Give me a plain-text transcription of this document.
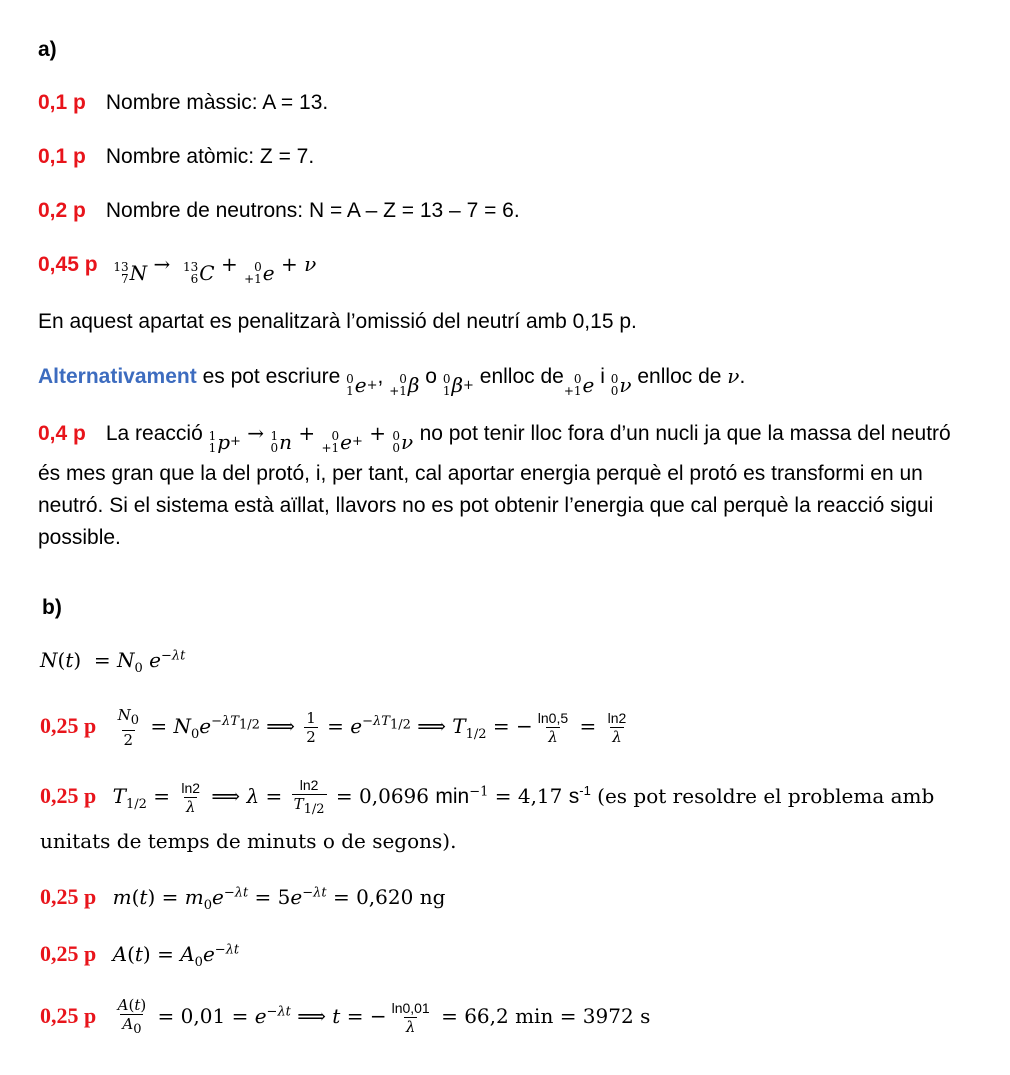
a)
0,1 p Nombre màssic: A = 13.
0,1 p Nombre atòmic: Z = 7.
0,2 p Nombre de neutrons: N = A – Z = 13 – 7 = 6.
0,45 p 13
7 N → 13
6 C + 0
+1 e + ν
En aquest apartat es penalitzarà l’omissió del neutrí amb 0,15 p.
Alternativament es pot escriure 0
1 e + , 0
+1 β o 0
1 β + enlloc de 0
+1 e i 0
0 ν enlloc de ν.
0,4 p La reacció 1
1 p + → 1
0 n + 0
+1 e + + 0
0 ν no pot tenir lloc fora d’un nucli ja que la massa del neutró és mes gran que la del protó, i, per tant, cal aportar energia perquè el protó es transformi en un neutró. Si el sistema està aïllat, llavors no es pot obtenir l’energia que cal perquè la reacció sigui possible.
b)
$N(t) = N_0$ $e^{-\lambda t}$
0,25 p $\frac{N_0}{2} = N_0e^{-\lambda T_{1/2}}$ ⟹ $\frac{1}{2} = e^{-\lambda T_{1/2}}$ ⟹ $T_{1/2}$ = − $\frac{\ln 0,5}{\lambda} = \frac{\ln 2}{\lambda}$
0,25 p $T_{1/2} = \frac{\ln 2}{\lambda}$ ⟹ $\lambda = \frac{\ln 2}{T_{1/2}} = 0,0696$ $\min^{-1} = 4,17$ $s^{-1}$ (es pot resoldre el problema amb
unitats de temps de minuts o de segons).
0,25 p $m(t) = m_0e^{-\lambda t} = 5e^{-\lambda t} = 0,620$ ng
0,25 p $A(t) = A_0e^{-\lambda t}$
0,25 p $\frac{A(t)}{A_0} = 0,01 = e^{-\lambda t}$ ⟹ t = − $\frac{\ln 0,01}{\lambda} = 66,2$ min = 3972 s
